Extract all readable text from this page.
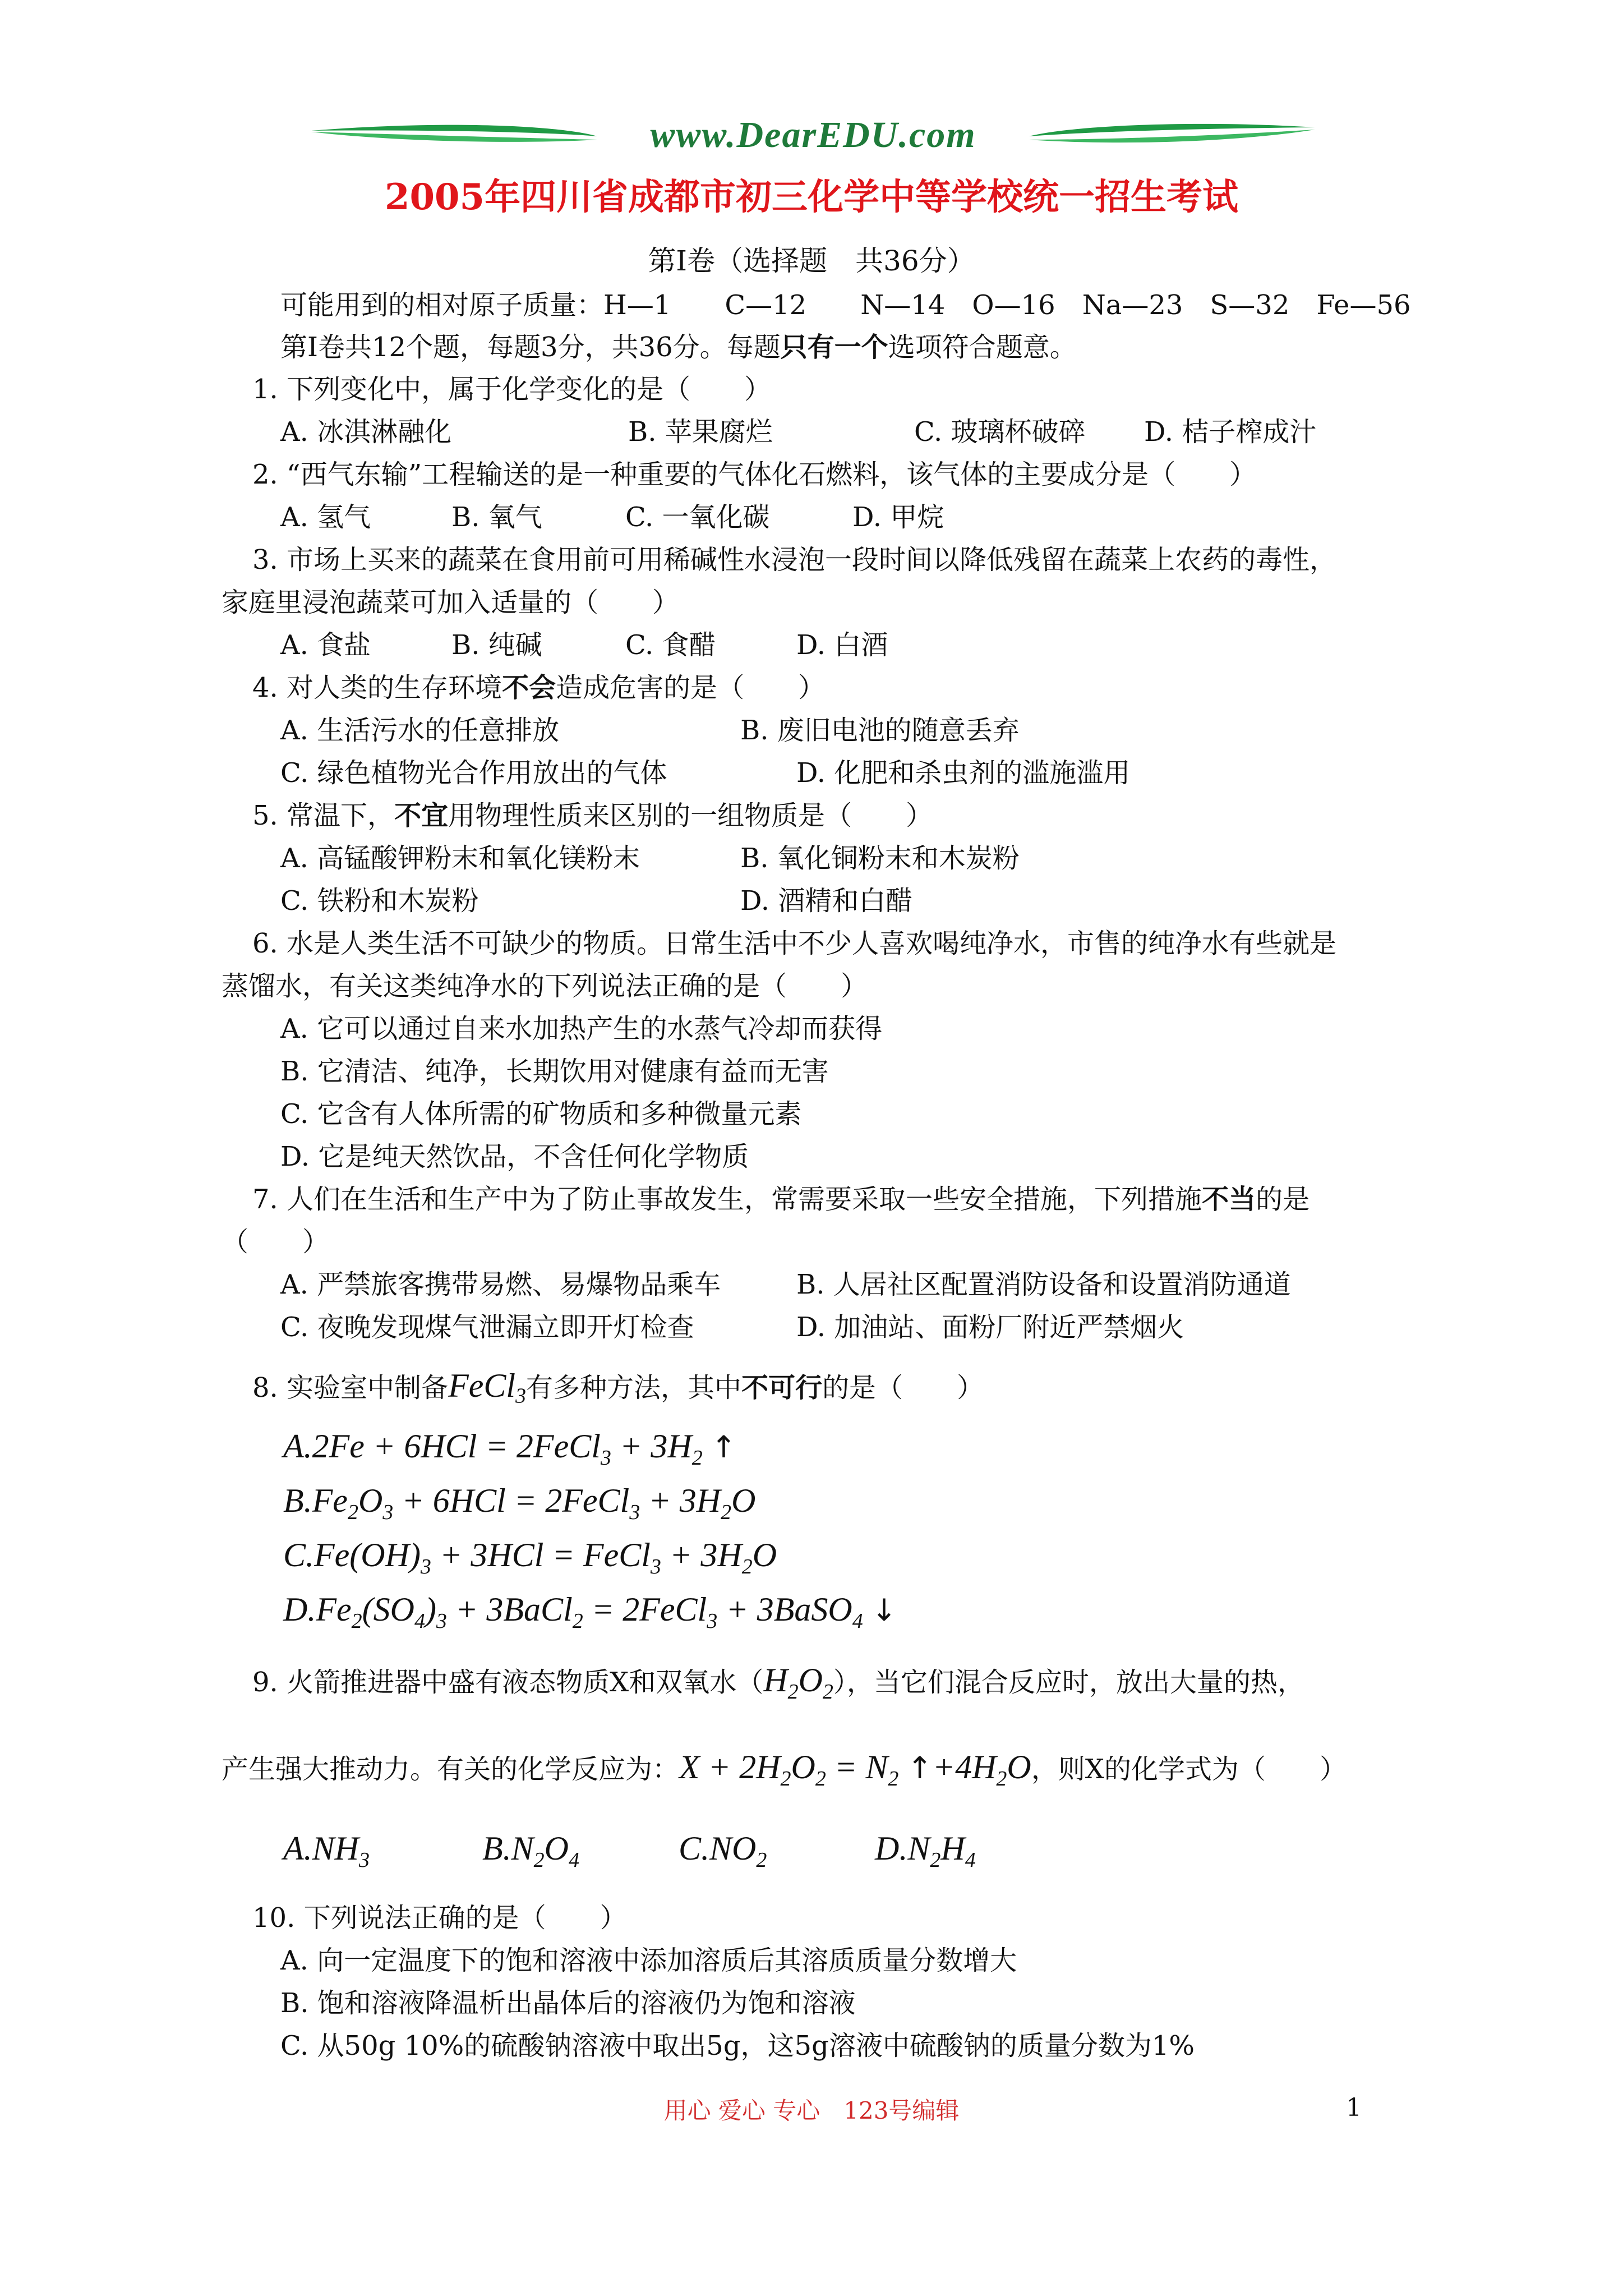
www.DearEDU.com
2005年四川省成都市初三化学中等学校统一招生考试
第I卷（选择题　共36分）
可能用到的相对原子质量：H—1　　C—12　　N—14　O—16　Na—23　S—32　Fe—56
第I卷共12个题，每题3分，共36分。每题只有一个选项符合题意。
1. 下列变化中，属于化学变化的是（　　）
A. 冰淇淋融化	B. 苹果腐烂	C. 玻璃杯破碎 D. 桔子榨成汁
2. “西气东输”工程输送的是一种重要的气体化石燃料，该气体的主要成分是（　　）
A. 氢气	B. 氧气	C. 一氧化碳	D. 甲烷
3. 市场上买来的蔬菜在食用前可用稀碱性水浸泡一段时间以降低残留在蔬菜上农药的毒性，
家庭里浸泡蔬菜可加入适量的（　　）
A. 食盐	B. 纯碱	C. 食醋	D. 白酒
4. 对人类的生存环境不会造成危害的是（　　）
A. 生活污水的任意排放	B. 废旧电池的随意丢弃
C. 绿色植物光合作用放出的气体	D. 化肥和杀虫剂的滥施滥用
5. 常温下，不宜用物理性质来区别的一组物质是（　　）
A. 高锰酸钾粉末和氧化镁粉末	B. 氧化铜粉末和木炭粉
C. 铁粉和木炭粉	D. 酒精和白醋
6. 水是人类生活不可缺少的物质。日常生活中不少人喜欢喝纯净水，市售的纯净水有些就是
蒸馏水，有关这类纯净水的下列说法正确的是（　　）
A. 它可以通过自来水加热产生的水蒸气冷却而获得
B. 它清洁、纯净，长期饮用对健康有益而无害
C. 它含有人体所需的矿物质和多种微量元素
D. 它是纯天然饮品，不含任何化学物质
7. 人们在生活和生产中为了防止事故发生，常需要采取一些安全措施，下列措施不当的是
（　　）
A. 严禁旅客携带易燃、易爆物品乘车	B. 人居社区配置消防设备和设置消防通道
C. 夜晚发现煤气泄漏立即开灯检查	D. 加油站、面粉厂附近严禁烟火
8. 实验室中制备FeCl$_3$有多种方法，其中不可行的是（　　）
A.2Fe + 6HCl = 2FeCl$_3$ + $3H_2$ ↑
$B.Fe_2O_3 + 6HCl$ = 2FeCl$_3$ + $3H_2O$
$C.Fe(OH)_3 + 3HCl$ = FeCl$_3$ + $3H_2O$
$D.Fe_2(SO_4)_3$ + 3BaCl$_2$ = 2FeCl$_3$ + 3BaSO$_4$ ↓
9. 火箭推进器中盛有液态物质X和双氧水$(H_2O_2)$，当它们混合反应时，放出大量的热，
产生强大推动力。有关的化学反应为：$X + 2H_2O_2 = N_2$ $↑+4H_2O$，则X的化学式为（　　）
$A.NH_3$	$B.N_2O_4$	$C.NO_2$	$D.N_2H_4$
10. 下列说法正确的是（　　）
A. 向一定温度下的饱和溶液中添加溶质后其溶质质量分数增大
B. 饱和溶液降温析出晶体后的溶液仍为饱和溶液
C. 从50g 10%的硫酸钠溶液中取出5g，这5g溶液中硫酸钠的质量分数为1%
用心 爱心 专心　123号编辑	1
